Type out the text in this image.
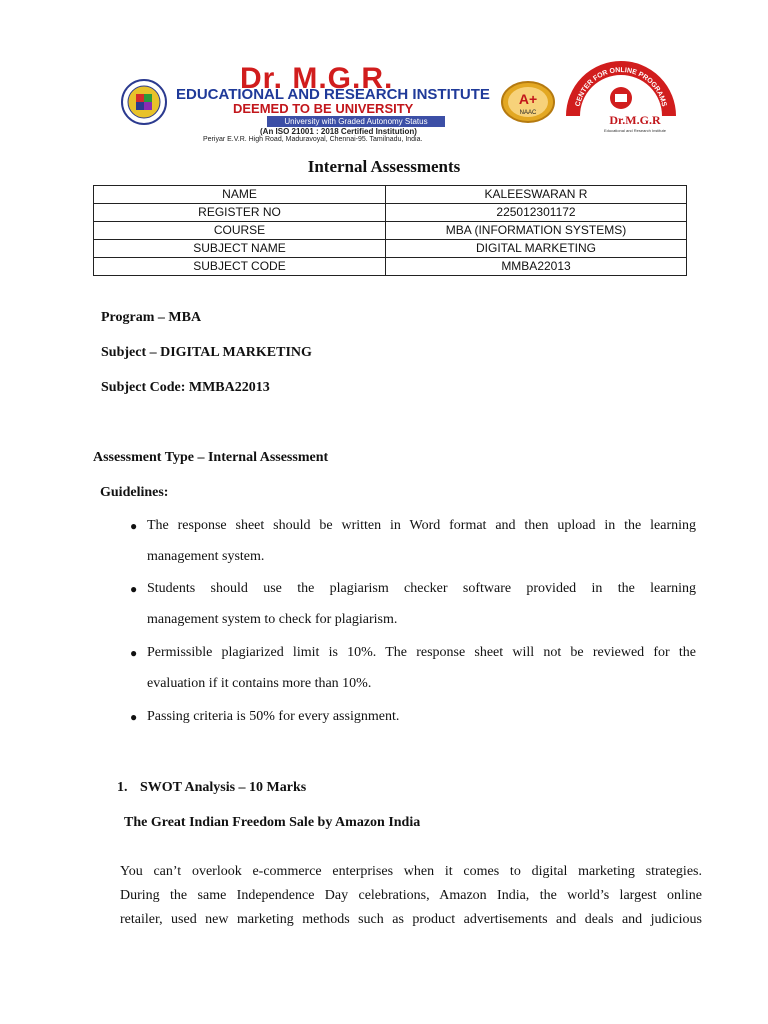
Dr. M.G.R.
EDUCATIONAL AND RESEARCH INSTITUTE
DEEMED TO BE UNIVERSITY
University with Graded Autonomy Status
(An ISO 21001 : 2018 Certified Institution)
Periyar E.V.R. High Road, Maduravoyal, Chennai-95. Tamilnadu, India.
A+
NAAC
CENTER FOR ONLINE PROGRAMS
Dr.M.G.R
Educational and Research Institute
Internal Assessments
NAME	KALEESWARAN R
REGISTER NO	225012301172
COURSE	MBA (INFORMATION SYSTEMS)
SUBJECT NAME	DIGITAL MARKETING
SUBJECT CODE	MMBA22013
Program – MBA
Subject – DIGITAL MARKETING
Subject Code: MMBA22013
Assessment Type – Internal Assessment
Guidelines:
● The response sheet should be written in Word format and then upload in the learning
management system.
● Students should use the plagiarism checker software provided in the learning
management system to check for plagiarism.
● Permissible plagiarized limit is 10%. The response sheet will not be reviewed for the
evaluation if it contains more than 10%.
● Passing criteria is 50% for every assignment.
1. SWOT Analysis – 10 Marks
The Great Indian Freedom Sale by Amazon India
You can’t overlook e-commerce enterprises when it comes to digital marketing strategies.
During the same Independence Day celebrations, Amazon India, the world’s largest online
retailer, used new marketing methods such as product advertisements and deals and judicious
